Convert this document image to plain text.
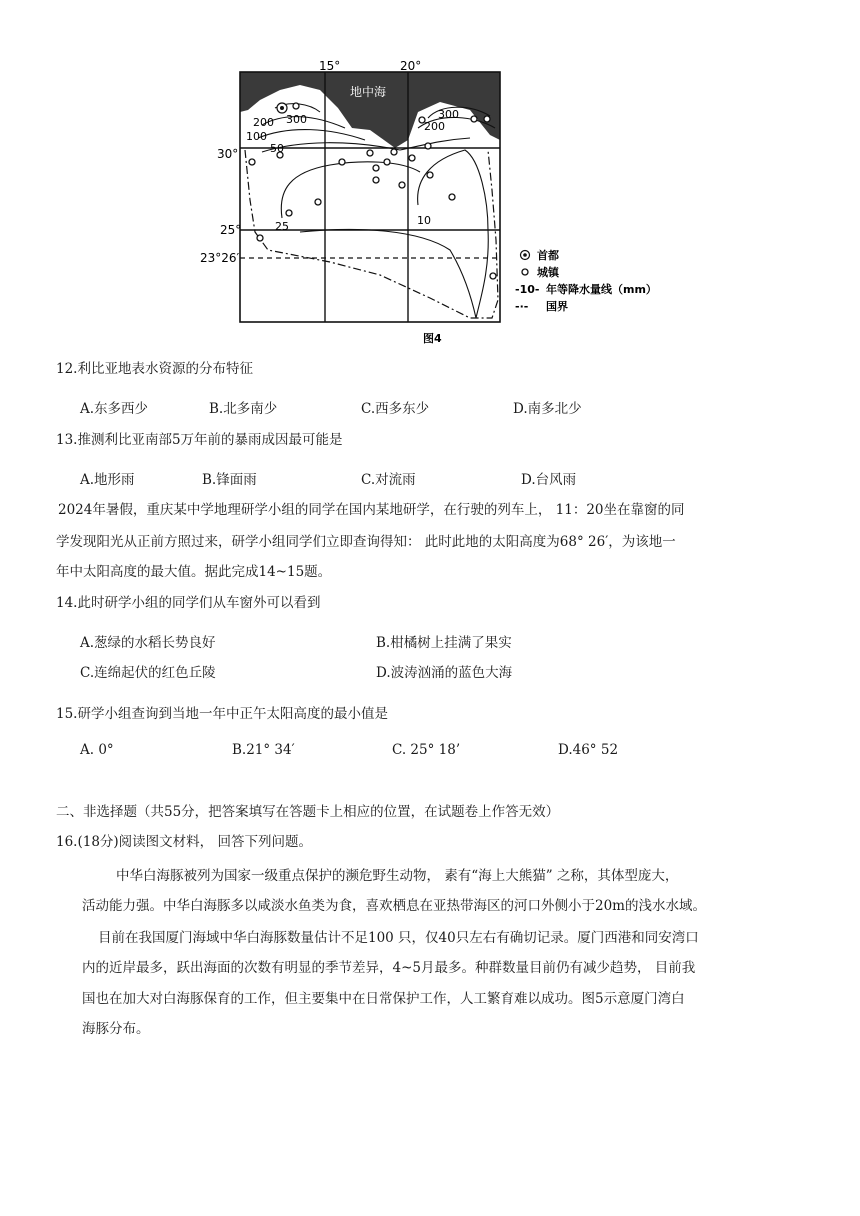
15°	20°
30°
25°
23°26′
地中海
300
200
100
50
25	10
300
200
首都
城镇
-10- 年等降水量线（mm）
-·- 国界
图4
12.利比亚地表水资源的分布特征
A.东多西少	B.北多南少	C.西多东少	D.南多北少
13.推测利比亚南部5万年前的暴雨成因最可能是
A.地形雨	B.锋面雨	C.对流雨	D.台风雨
2024年暑假，重庆某中学地理研学小组的同学在国内某地研学，在行驶的列车上， 11：20坐在靠窗的同
学发现阳光从正前方照过来，研学小组同学们立即查询得知： 此时此地的太阳高度为68° 26′，为该地一
年中太阳高度的最大值。据此完成14~15题。
14.此时研学小组的同学们从车窗外可以看到
A.葱绿的水稻长势良好	B.柑橘树上挂满了果实
C.连绵起伏的红色丘陵	D.波涛汹涌的蓝色大海
15.研学小组查询到当地一年中正午太阳高度的最小值是
A. 0°	B.21° 34′	C. 25° 18’	D.46° 52
二、非选择题（共55分，把答案填写在答题卡上相应的位置，在试题卷上作答无效）
16.(18分)阅读图文材料， 回答下列问题。
中华白海豚被列为国家一级重点保护的濒危野生动物， 素有“海上大熊猫” 之称，其体型庞大，
活动能力强。中华白海豚多以咸淡水鱼类为食，喜欢栖息在亚热带海区的河口外侧小于20m的浅水水域。
目前在我国厦门海域中华白海豚数量估计不足100 只，仅40只左右有确切记录。厦门西港和同安湾口
内的近岸最多，跃出海面的次数有明显的季节差异，4~5月最多。种群数量目前仍有减少趋势， 目前我
国也在加大对白海豚保育的工作，但主要集中在日常保护工作，人工繁育难以成功。图5示意厦门湾白
海豚分布。
